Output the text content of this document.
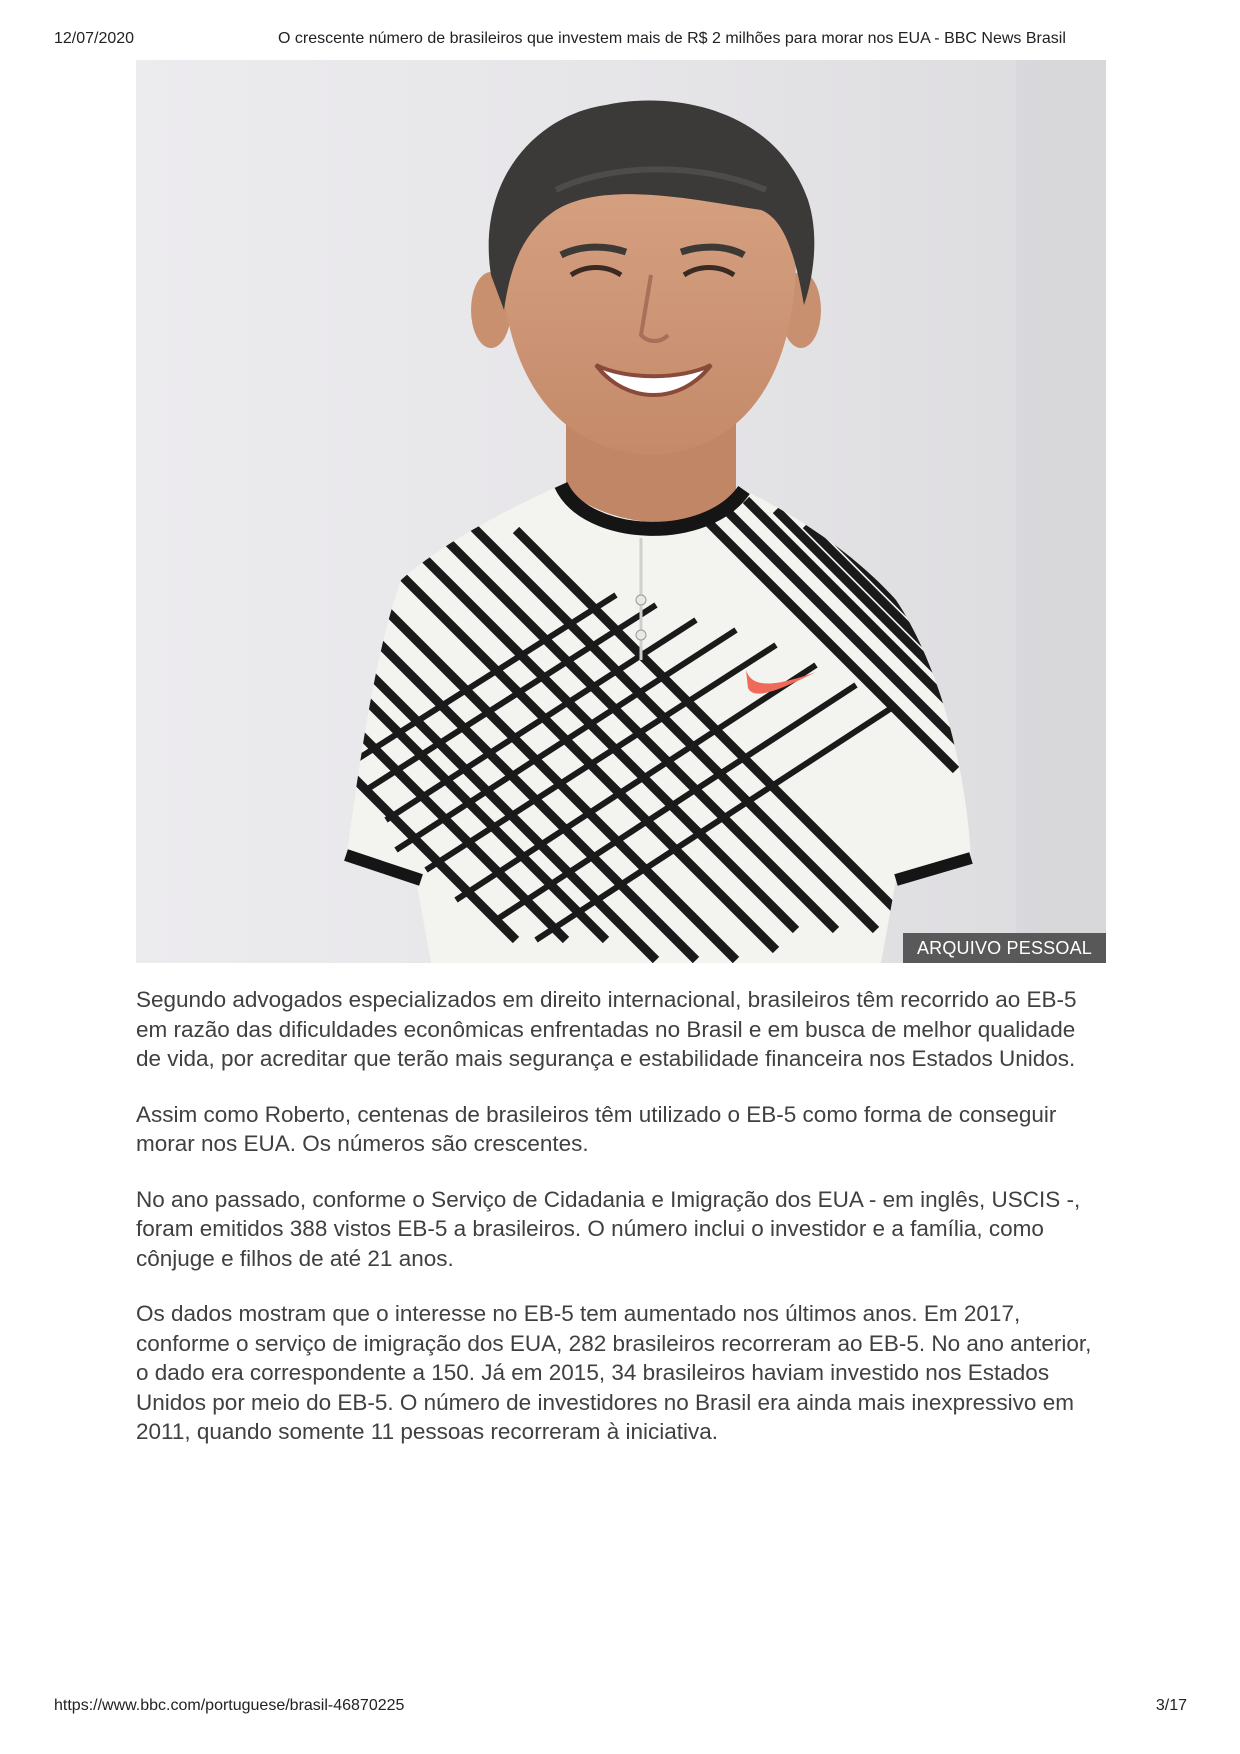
12/07/2020	O crescente número de brasileiros que investem mais de R$ 2 milhões para morar nos EUA - BBC News Brasil
ARQUIVO PESSOAL

Segundo advogados especializados em direito internacional, brasileiros têm recorrido ao EB-5 em razão das dificuldades econômicas enfrentadas no Brasil e em busca de melhor qualidade de vida, por acreditar que terão mais segurança e estabilidade financeira nos Estados Unidos.

Assim como Roberto, centenas de brasileiros têm utilizado o EB-5 como forma de conseguir morar nos EUA. Os números são crescentes.

No ano passado, conforme o Serviço de Cidadania e Imigração dos EUA - em inglês, USCIS -, foram emitidos 388 vistos EB-5 a brasileiros. O número inclui o investidor e a família, como cônjuge e filhos de até 21 anos.

Os dados mostram que o interesse no EB-5 tem aumentado nos últimos anos. Em 2017, conforme o serviço de imigração dos EUA, 282 brasileiros recorreram ao EB-5. No ano anterior, o dado era correspondente a 150. Já em 2015, 34 brasileiros haviam investido nos Estados Unidos por meio do EB-5. O número de investidores no Brasil era ainda mais inexpressivo em 2011, quando somente 11 pessoas recorreram à iniciativa.

https://www.bbc.com/portuguese/brasil-46870225	3/17
